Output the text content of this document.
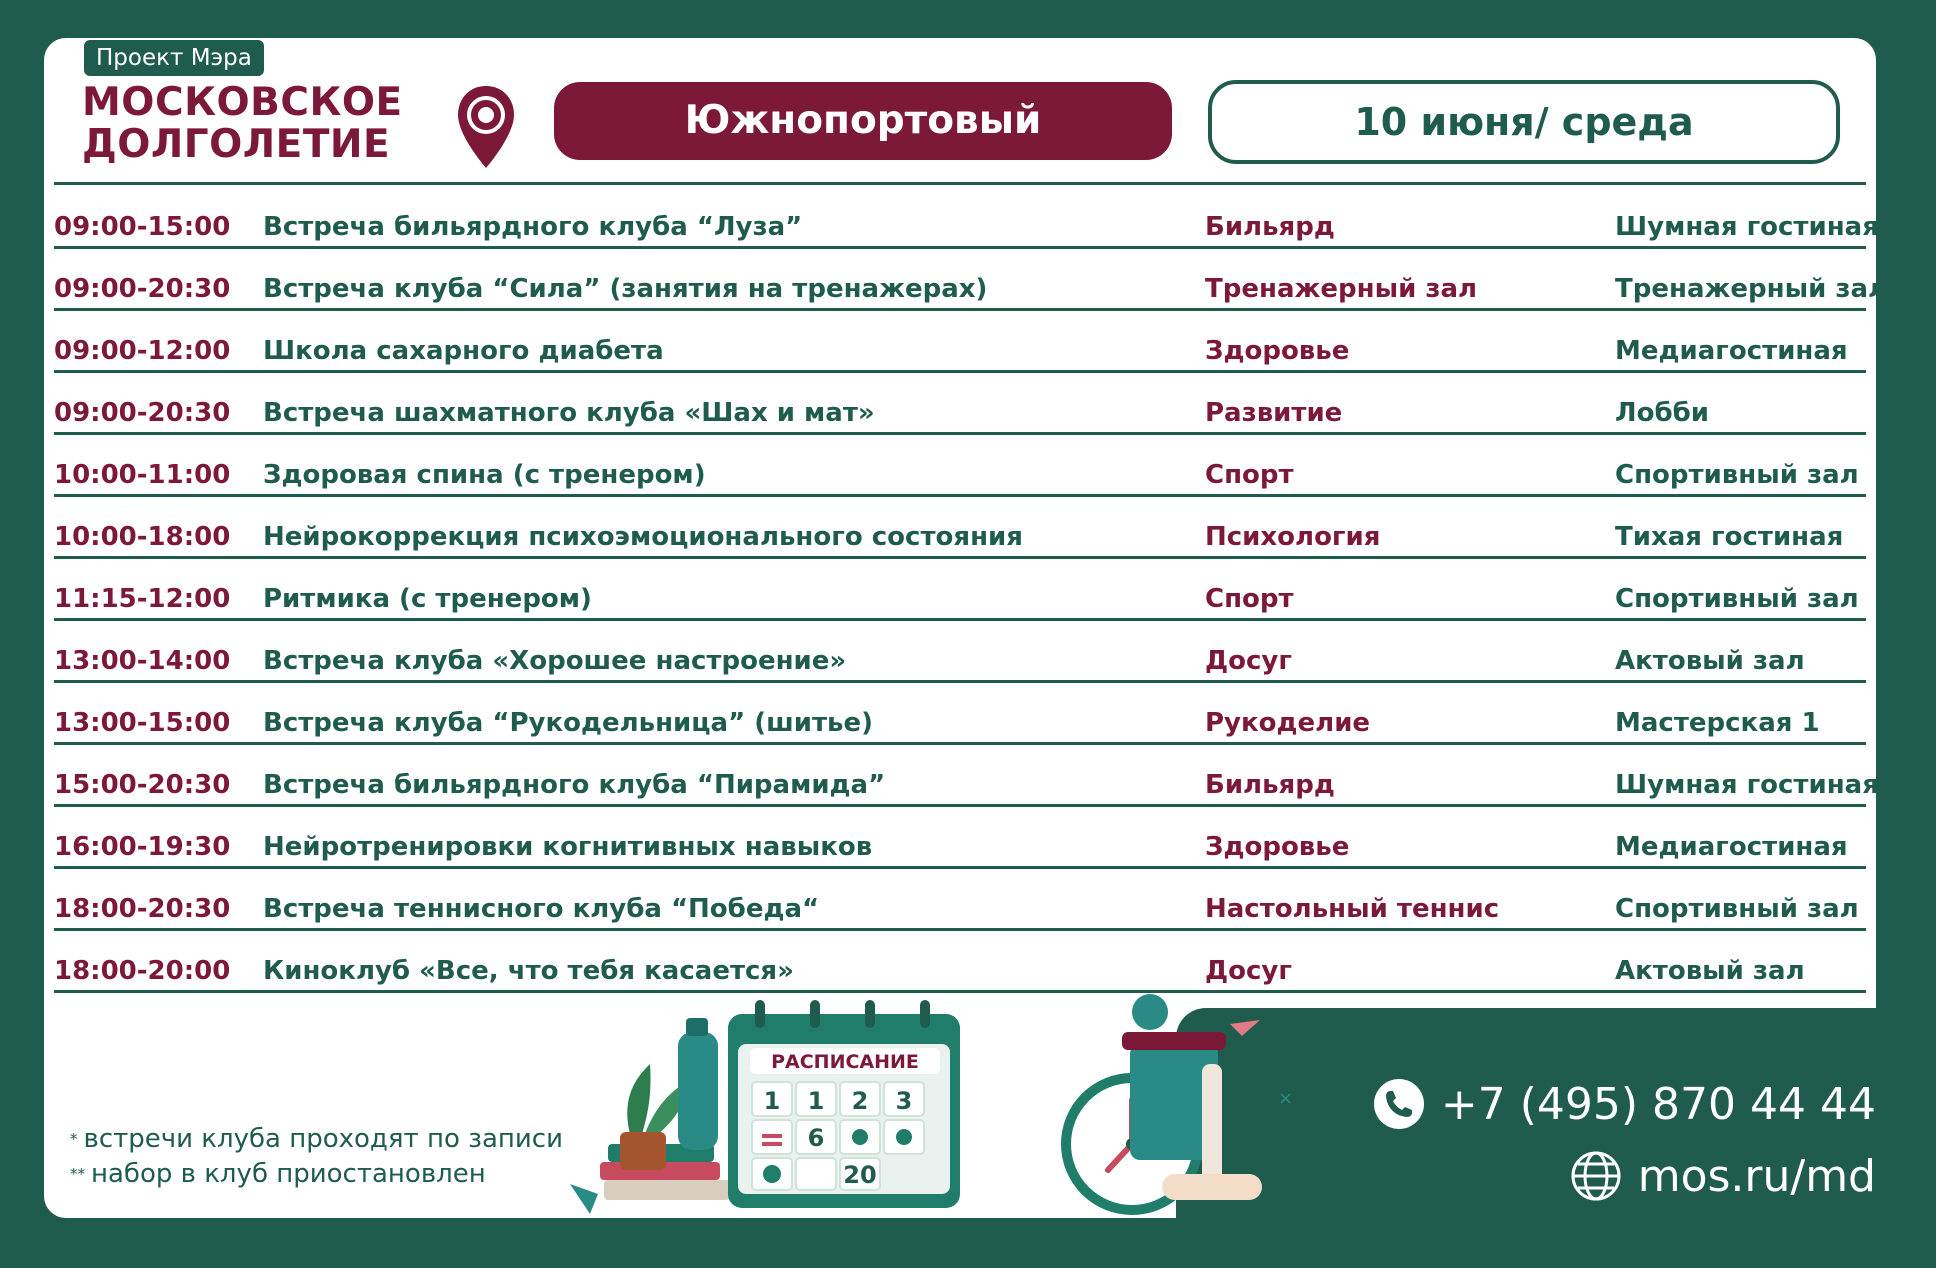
Проект Мэра
МОСКОВСКОЕ
ДОЛГОЛЕТИЕ
Южнопортовый	10 июня/ среда
09:00-15:00 Встреча бильярдного клуба “Луза”	Бильярд	Шумная гостиная
09:00-20:30 Встреча клуба “Сила” (занятия на тренажерах)	Тренажерный зал	Тренажерный зал
09:00-12:00 Школа сахарного диабета	Здоровье	Медиагостиная
09:00-20:30 Встреча шахматного клуба «Шах и мат»	Развитие	Лобби
10:00-11:00 Здоровая спина (с тренером)	Спорт	Спортивный зал
10:00-18:00 Нейрокоррекция психоэмоционального состояния	Психология	Тихая гостиная
11:15-12:00 Ритмика (с тренером)	Спорт	Спортивный зал
13:00-14:00 Встреча клуба «Хорошее настроение»	Досуг	Актовый зал
13:00-15:00 Встреча клуба “Рукодельница” (шитье)	Рукоделие	Мастерская 1
15:00-20:30 Встреча бильярдного клуба “Пирамида”	Бильярд	Шумная гостиная
16:00-19:30 Нейротренировки когнитивных навыков	Здоровье	Медиагостиная
18:00-20:30 Встреча теннисного клуба “Победа“	Настольный теннис	Спортивный зал
18:00-20:00 Киноклуб «Все, что тебя касается»	Досуг	Актовый зал
РАСПИСАНИЕ
1 1 2 3
6
20
×
* встречи клуба проходят по записи
** набор в клуб приостановлен
+7 (495) 870 44 44
mos.ru/md
